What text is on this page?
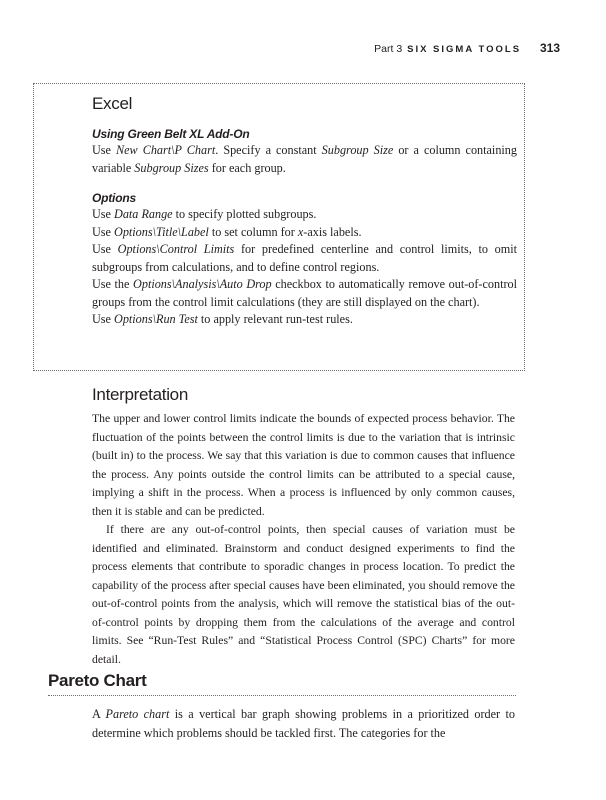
Part 3 SIX SIGMA TOOLS 313
Excel
Using Green Belt XL Add-On

Use New Chart\P Chart. Specify a constant Subgroup Size or a column containing variable Subgroup Sizes for each group.

Options

Use Data Range to specify plotted subgroups.

Use Options\Title\Label to set column for x-axis labels.

Use Options\Control Limits for predefined centerline and control limits, to omit subgroups from calculations, and to define control regions.

Use the Options\Analysis\Auto Drop checkbox to automatically remove out-of-control groups from the control limit calculations (they are still displayed on the chart).

Use Options\Run Test to apply relevant run-test rules.

Interpretation

The upper and lower control limits indicate the bounds of expected process behavior. The fluctuation of the points between the control limits is due to the variation that is intrinsic (built in) to the process. We say that this variation is due to common causes that influence the process. Any points outside the control limits can be attributed to a special cause, implying a shift in the process. When a process is influenced by only common causes, then it is stable and can be predicted.

If there are any out-of-control points, then special causes of variation must be identified and eliminated. Brainstorm and conduct designed experiments to find the process elements that contribute to sporadic changes in process location. To predict the capability of the process after special causes have been eliminated, you should remove the out-of-control points from the analysis, which will remove the statistical bias of the out-of-control points by dropping them from the calculations of the average and control limits. See “Run-Test Rules” and “Statistical Process Control (SPC) Charts” for more detail.

Pareto Chart

A Pareto chart is a vertical bar graph showing problems in a prioritized order to determine which problems should be tackled first. The categories for the
